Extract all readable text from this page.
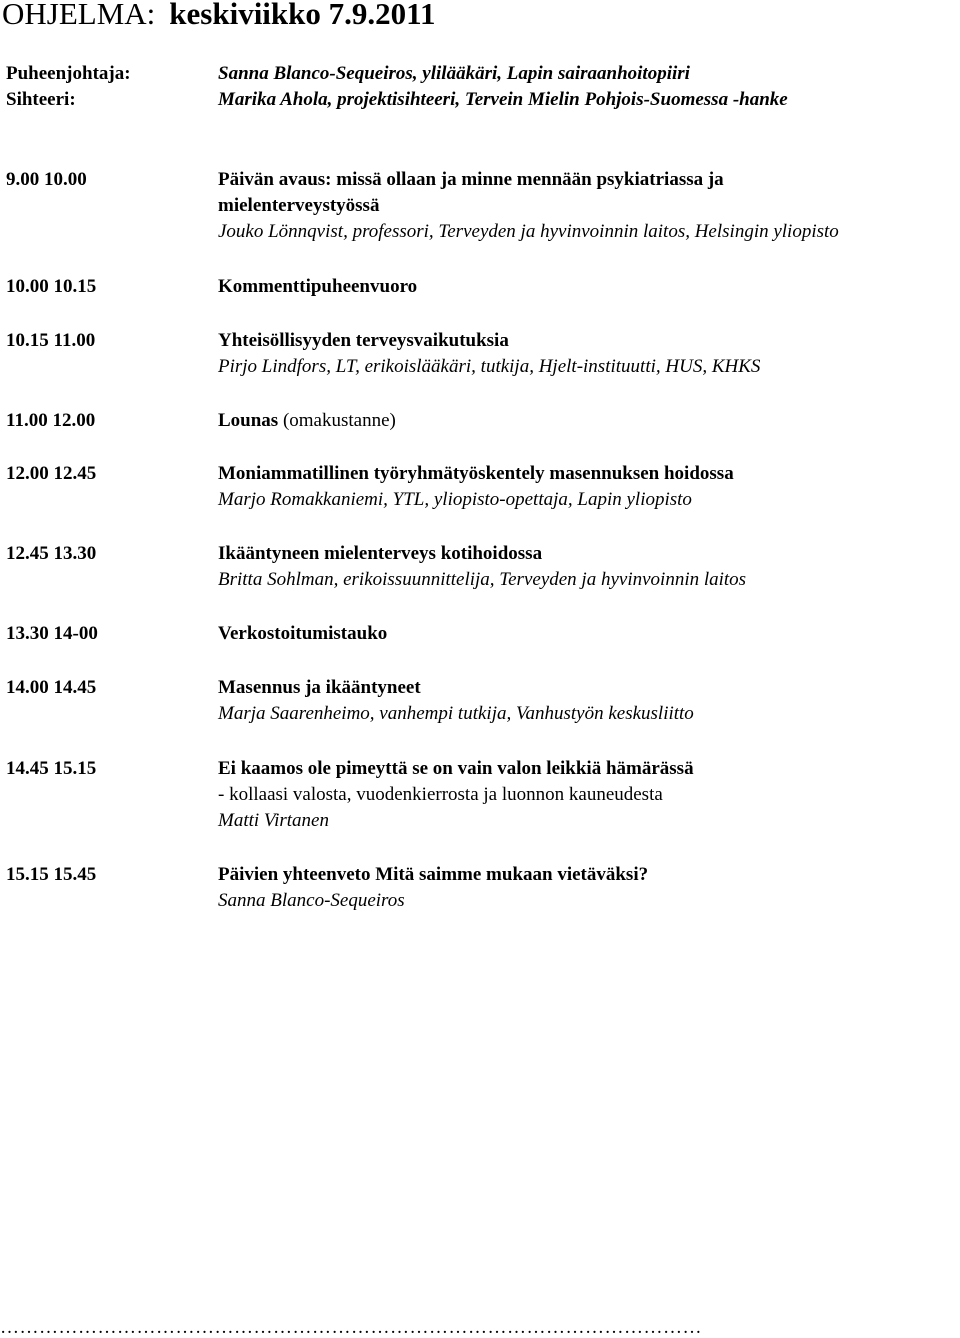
OHJELMA: keskiviikko 7.9.2011
Puheenjohtaja:	Sanna Blanco-Sequeiros, ylilääkäri, Lapin sairaanhoitopiiri
Sihteeri:	Marika Ahola, projektisihteeri, Tervein Mielin Pohjois-Suomessa -hanke
9.00 10.00	Päivän avaus: missä ollaan ja minne mennään psykiatriassa ja
mielenterveystyössä
Jouko Lönnqvist, professori, Terveyden ja hyvinvoinnin laitos, Helsingin yliopisto
10.00 10.15	Kommenttipuheenvuoro
10.15 11.00	Yhteisöllisyyden terveysvaikutuksia
Pirjo Lindfors, LT, erikoislääkäri, tutkija, Hjelt-instituutti, HUS, KHKS
11.00 12.00	Lounas (omakustanne)
12.00 12.45	Moniammatillinen työryhmätyöskentely masennuksen hoidossa
Marjo Romakkaniemi, YTL, yliopisto-opettaja, Lapin yliopisto
12.45 13.30	Ikääntyneen mielenterveys kotihoidossa
Britta Sohlman, erikoissuunnittelija, Terveyden ja hyvinvoinnin laitos
13.30 14-00	Verkostoitumistauko
14.00 14.45	Masennus ja ikääntyneet
Marja Saarenheimo, vanhempi tutkija, Vanhustyön keskusliitto
14.45 15.15	Ei kaamos ole pimeyttä se on vain valon leikkiä hämärässä
- kollaasi valosta, vuodenkierrosta ja luonnon kauneudesta
Matti Virtanen
15.15 15.45	Päivien yhteenveto Mitä saimme mukaan vietäväksi?
Sanna Blanco-Sequeiros
………………………………………………………………………………………………
